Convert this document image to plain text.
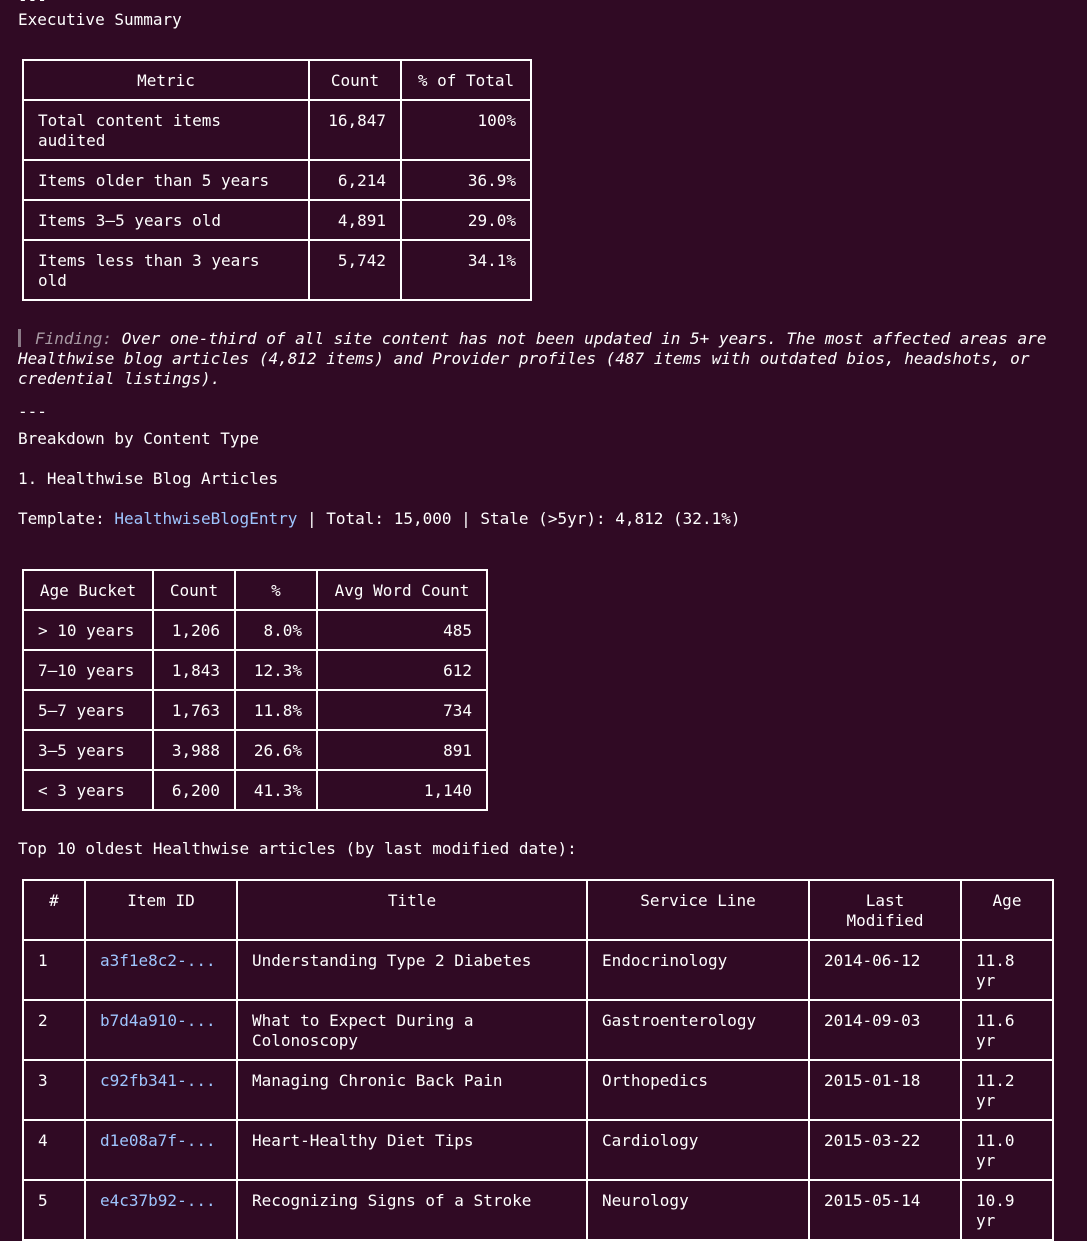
Executive Summary
Metric	Count	% of Total
Total content items audited	16,847	100%
Items older than 5 years	6,214	36.9%
Items 3–5 years old	4,891	29.0%
Items less than 3 years old	5,742	34.1%
Finding: Over one-third of all site content has not been updated in 5+ years. The most affected areas are Healthwise blog articles (4,812 items) and Provider profiles (487 items with outdated bios, headshots, or credential listings).
---
Breakdown by Content Type
1. Healthwise Blog Articles
Template: HealthwiseBlogEntry | Total: 15,000 | Stale (>5yr): 4,812 (32.1%)
Age Bucket	Count	%	Avg Word Count
> 10 years	1,206	8.0%	485
7–10 years	1,843	12.3%	612
5–7 years	1,763	11.8%	734
3–5 years	3,988	26.6%	891
< 3 years	6,200	41.3%	1,140
Top 10 oldest Healthwise articles (by last modified date):
#	Item ID	Title	Service Line	Last Modified	Age
1	a3f1e8c2-...	Understanding Type 2 Diabetes	Endocrinology	2014-06-12	11.8 yr
2	b7d4a910-...	What to Expect During a Colonoscopy	Gastroenterology	2014-09-03	11.6 yr
3	c92fb341-...	Managing Chronic Back Pain	Orthopedics	2015-01-18	11.2 yr
4	d1e08a7f-...	Heart-Healthy Diet Tips	Cardiology	2015-03-22	11.0 yr
5	e4c37b92-...	Recognizing Signs of a Stroke	Neurology	2015-05-14	10.9 yr
